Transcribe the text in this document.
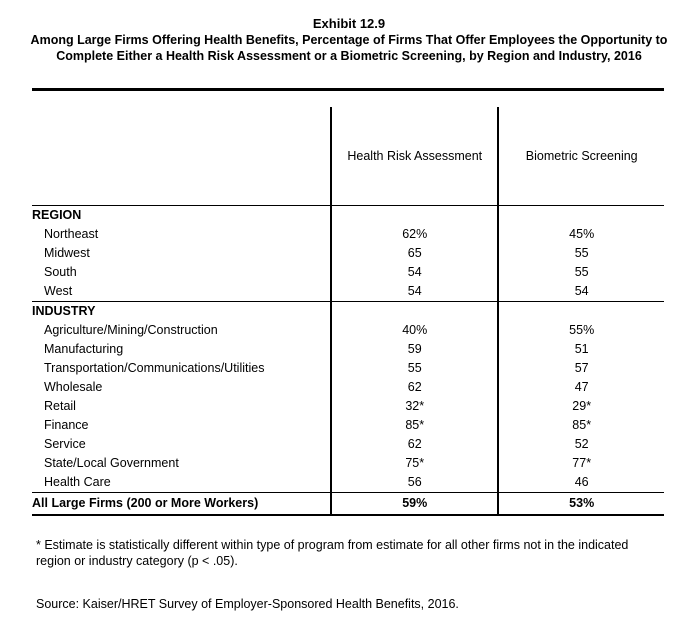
Exhibit 12.9
Among Large Firms Offering Health Benefits, Percentage of Firms That Offer Employees the Opportunity to Complete Either a Health Risk Assessment or a Biometric Screening, by Region and Industry, 2016
	Health Risk Assessment	Biometric Screening
REGION		
Northeast	62%	45%
Midwest	65	55
South	54	55
West	54	54
INDUSTRY		
Agriculture/Mining/Construction	40%	55%
Manufacturing	59	51
Transportation/Communications/Utilities	55	57
Wholesale	62	47
Retail	32*	29*
Finance	85*	85*
Service	62	52
State/Local Government	75*	77*
Health Care	56	46
All Large Firms (200 or More Workers)	59%	53%
* Estimate is statistically different within type of program from estimate for all other firms not in the indicated region or industry category (p < .05).
Source: Kaiser/HRET Survey of Employer-Sponsored Health Benefits, 2016.
